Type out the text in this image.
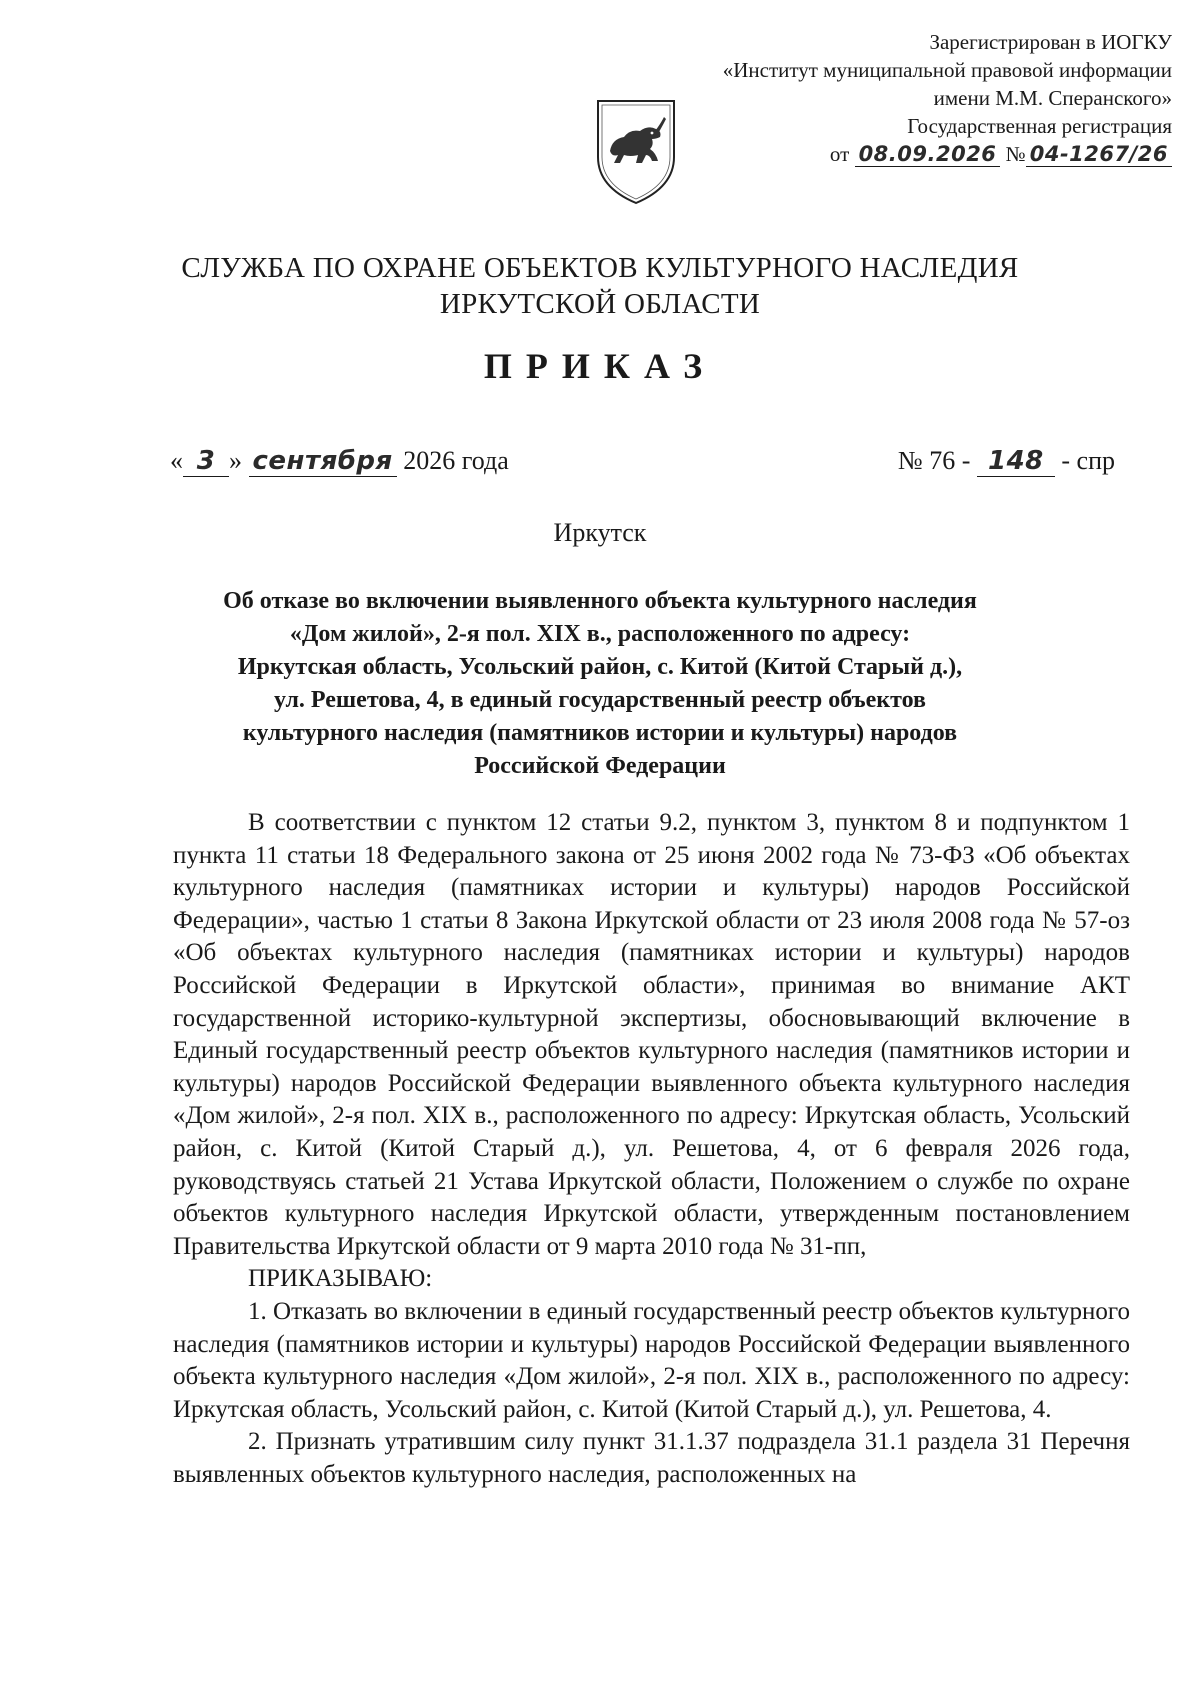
Зарегистрирован в ИОГКУ
«Институт муниципальной правовой информации
имени М.М. Сперанского»
Государственная регистрация
от 08.09.2026 № 04-1267/26
СЛУЖБА ПО ОХРАНЕ ОБЪЕКТОВ КУЛЬТУРНОГО НАСЛЕДИЯ
ИРКУТСКОЙ ОБЛАСТИ
ПРИКАЗ
« 3 » сентября 2026 года	№ 76 - 148 - спр
Иркутск
Об отказе во включении выявленного объекта культурного наследия
«Дом жилой», 2-я пол. XIX в., расположенного по адресу:
Иркутская область, Усольский район, с. Китой (Китой Старый д.),
ул. Решетова, 4, в единый государственный реестр объектов
культурного наследия (памятников истории и культуры) народов
Российской Федерации

В соответствии с пунктом 12 статьи 9.2, пунктом 3, пунктом 8 и подпунктом 1 пункта 11 статьи 18 Федерального закона от 25 июня 2002 года № 73-ФЗ «Об объектах культурного наследия (памятниках истории и культуры) народов Российской Федерации», частью 1 статьи 8 Закона Иркутской области от 23 июля 2008 года № 57-оз «Об объектах культурного наследия (памятниках истории и культуры) народов Российской Федерации в Иркутской области», принимая во внимание АКТ государственной историко-культурной экспертизы, обосновывающий включение в Единый государственный реестр объектов культурного наследия (памятников истории и культуры) народов Российской Федерации выявленного объекта культурного наследия «Дом жилой», 2-я пол. XIX в., расположенного по адресу: Иркутская область, Усольский район, с. Китой (Китой Старый д.), ул. Решетова, 4, от 6 февраля 2026 года, руководствуясь статьей 21 Устава Иркутской области, Положением о службе по охране объектов культурного наследия Иркутской области, утвержденным постановлением Правительства Иркутской области от 9 марта 2010 года № 31-пп,

ПРИКАЗЫВАЮ:

1. Отказать во включении в единый государственный реестр объектов культурного наследия (памятников истории и культуры) народов Российской Федерации выявленного объекта культурного наследия «Дом жилой», 2-я пол. XIX в., расположенного по адресу: Иркутская область, Усольский район, с. Китой (Китой Старый д.), ул. Решетова, 4.

2. Признать утратившим силу пункт 31.1.37 подраздела 31.1 раздела 31 Перечня выявленных объектов культурного наследия, расположенных на
